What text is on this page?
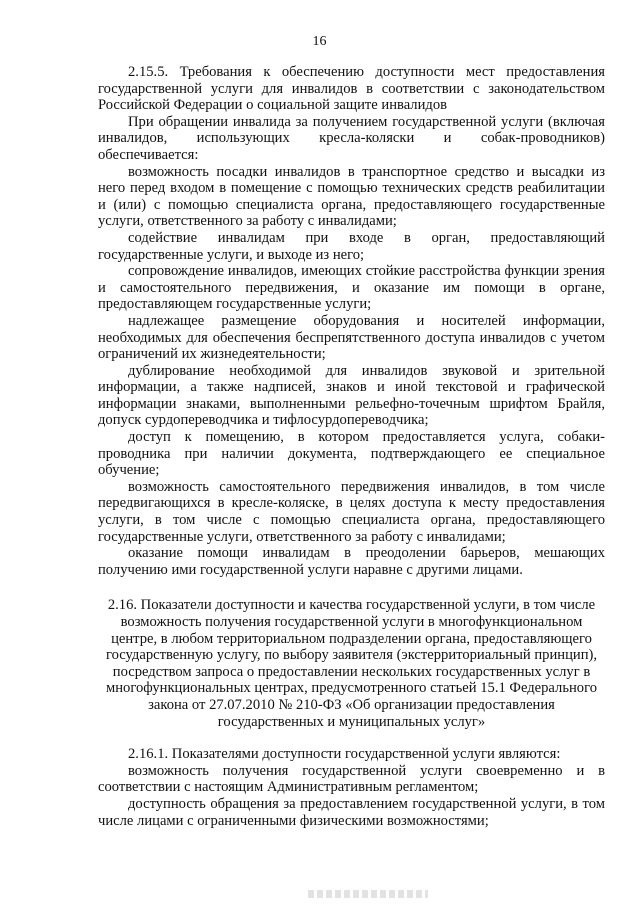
16

2.15.5. Требования к обеспечению доступности мест предоставления государственной услуги для инвалидов в соответствии с законодательством Российской Федерации о социальной защите инвалидов

При обращении инвалида за получением государственной услуги (включая инвалидов, использующих кресла-коляски и собак-проводников) обеспечивается:

возможность посадки инвалидов в транспортное средство и высадки из него перед входом в помещение с помощью технических средств реабилитации и (или) с помощью специалиста органа, предоставляющего государственные услуги, ответственного за работу с инвалидами;

содействие инвалидам при входе в орган, предоставляющий государственные услуги, и выходе из него;

сопровождение инвалидов, имеющих стойкие расстройства функции зрения и самостоятельного передвижения, и оказание им помощи в органе, предоставляющем государственные услуги;

надлежащее размещение оборудования и носителей информации, необходимых для обеспечения беспрепятственного доступа инвалидов с учетом ограничений их жизнедеятельности;

дублирование необходимой для инвалидов звуковой и зрительной информации, а также надписей, знаков и иной текстовой и графической информации знаками, выполненными рельефно-точечным шрифтом Брайля, допуск сурдопереводчика и тифлосурдопереводчика;

доступ к помещению, в котором предоставляется услуга, собаки-проводника при наличии документа, подтверждающего ее специальное обучение;

возможность самостоятельного передвижения инвалидов, в том числе передвигающихся в кресле-коляске, в целях доступа к месту предоставления услуги, в том числе с помощью специалиста органа, предоставляющего государственные услуги, ответственного за работу с инвалидами;

оказание помощи инвалидам в преодолении барьеров, мешающих получению ими государственной услуги наравне с другими лицами.

2.16. Показатели доступности и качества государственной услуги, в том числе возможность получения государственной услуги в многофункциональном центре, в любом территориальном подразделении органа, предоставляющего государственную услугу, по выбору заявителя (экстерриториальный принцип), посредством запроса о предоставлении нескольких государственных услуг в многофункциональных центрах, предусмотренного статьей 15.1 Федерального закона от 27.07.2010 № 210-ФЗ «Об организации предоставления государственных и муниципальных услуг»

2.16.1. Показателями доступности государственной услуги являются:

возможность получения государственной услуги своевременно и в соответствии с настоящим Административным регламентом;

доступность обращения за предоставлением государственной услуги, в том числе лицами с ограниченными физическими возможностями;
